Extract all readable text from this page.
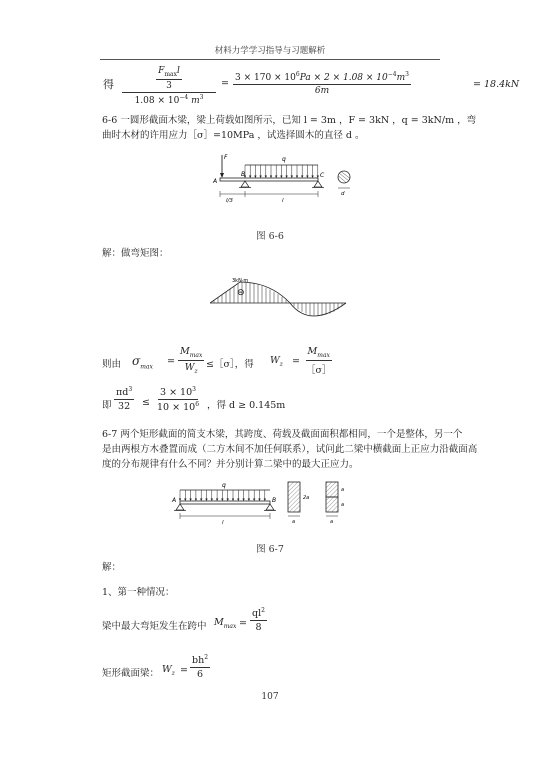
材料力学学习指导与习题解析
得	$\frac{F_{max}l}{3}$
$1.08 \times 10^{-4}$ $m^3$
= $\frac{3 \times 170 \times 10^6Pa \times 2 \times 1.08 \times 10^{-4}m^3}{6m}$	= 18.4kN
6-6 一圆形截面木梁，梁上荷载如图所示，已知 l = 3m ，F = 3kN ，q = 3kN/m ，弯
曲时木材的许用应力［σ］=10MPa ，试选择圆木的直径 d 。
F	q
A
B	C
l/3	l
d
图 6-6
解：做弯矩图：
3kN·m
⊖
则由 $\sigma_{max}$ =
$M_{max}$
$W_z$
≤［σ］，得 $W_z$ =
$M_{max}$
［σ］
即 $\frac{\pi d^3}{32} \le \frac{3 \times 10^3}{10 \times 10^6}$ ，得 d ≥ 0.145m
6-7 两个矩形截面的简支木梁，其跨度、荷载及截面面积都相同，一个是整体，另一个
是由两根方木叠置而成（二方木间不加任何联系），试问此二梁中横截面上正应力沿截面高
度的分布规律有什么不同？并分别计算二梁中的最大正应力。
q
A	B
l
2a
a
a
a
a
图 6-7
解：
1、第一种情况：
梁中最大弯矩发生在跨中 $M_{max} = \frac{ql^2}{8}$
矩形截面梁： $W_z = \frac{bh^2}{6}$
107
